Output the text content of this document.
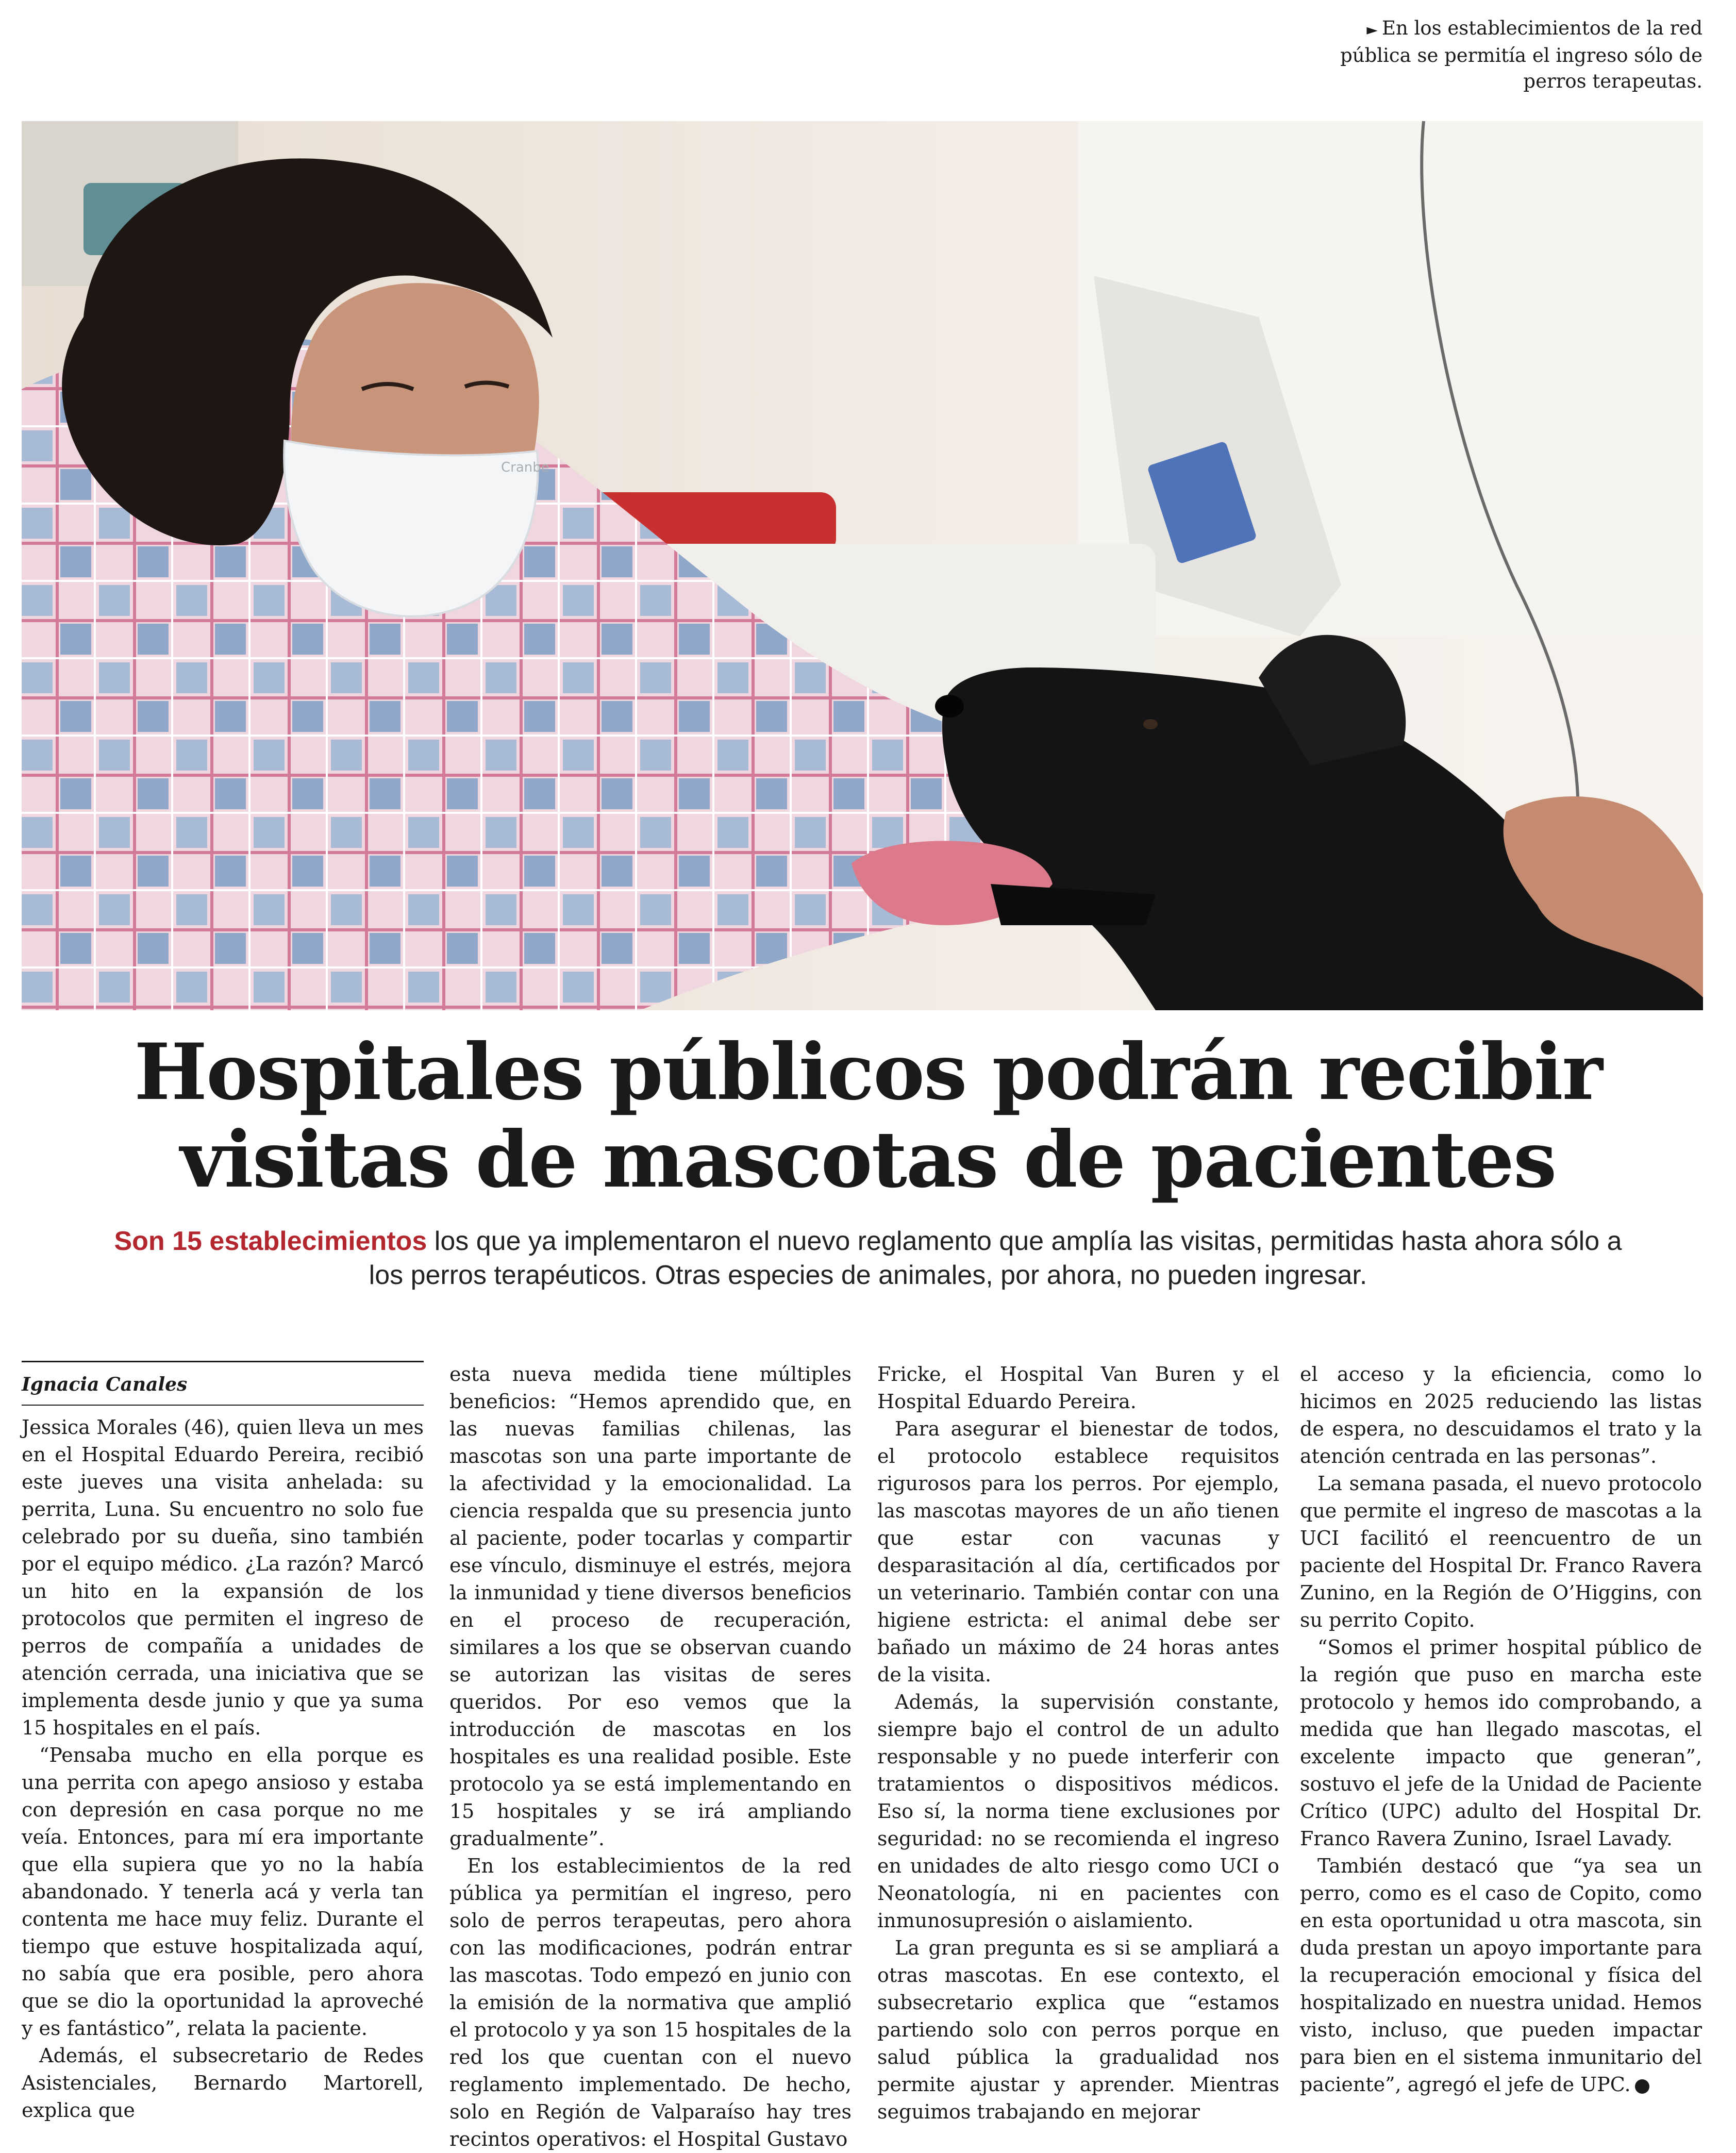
► En los establecimientos de la red pública se permitía el ingreso sólo de perros terapeutas.
Cranbe
Hospitales públicos podrán recibir
visitas de mascotas de pacientes
Son 15 establecimientos los que ya implementaron el nuevo reglamento que amplía las visitas, permitidas hasta ahora sólo a los perros terapéuticos. Otras especies de animales, por ahora, no pueden ingresar.
Ignacia Canales

Jessica Morales (46), quien lleva un mes en el Hospital Eduardo Pereira, recibió este jueves una visita anhelada: su perrita, Luna. Su encuentro no solo fue celebrado por su dueña, sino también por el equipo médico. ¿La razón? Marcó un hito en la expansión de los protocolos que permiten el ingreso de perros de compañía a unidades de atención cerrada, una iniciativa que se implementa desde junio y que ya suma 15 hospitales en el país.

“Pensaba mucho en ella porque es una perrita con apego ansioso y estaba con depresión en casa porque no me veía. Entonces, para mí era importante que ella supiera que yo no la había abandonado. Y tenerla acá y verla tan contenta me hace muy feliz. Durante el tiempo que estuve hospitalizada aquí, no sabía que era posible, pero ahora que se dio la oportunidad la aproveché y es fantástico”, relata la paciente.

Además, el subsecretario de Redes Asistenciales, Bernardo Martorell, explica que

esta nueva medida tiene múltiples beneficios: “Hemos aprendido que, en las nuevas familias chilenas, las mascotas son una parte importante de la afectividad y la emocionalidad. La ciencia respalda que su presencia junto al paciente, poder tocarlas y compartir ese vínculo, disminuye el estrés, mejora la inmunidad y tiene diversos beneficios en el proceso de recuperación, similares a los que se observan cuando se autorizan las visitas de seres queridos. Por eso vemos que la introducción de mascotas en los hospitales es una realidad posible. Este protocolo ya se está implementando en 15 hospitales y se irá ampliando gradualmente”.

En los establecimientos de la red pública ya permitían el ingreso, pero solo de perros terapeutas, pero ahora con las modificaciones, podrán entrar las mascotas. Todo empezó en junio con la emisión de la normativa que amplió el protocolo y ya son 15 hospitales de la red los que cuentan con el nuevo reglamento implementado. De hecho, solo en Región de Valparaíso hay tres recintos operativos: el Hospital Gustavo

Fricke, el Hospital Van Buren y el Hospital Eduardo Pereira.

Para asegurar el bienestar de todos, el protocolo establece requisitos rigurosos para los perros. Por ejemplo, las mascotas mayores de un año tienen que estar con vacunas y desparasitación al día, certificados por un veterinario. También contar con una higiene estricta: el animal debe ser bañado un máximo de 24 horas antes de la visita.

Además, la supervisión constante, siempre bajo el control de un adulto responsable y no puede interferir con tratamientos o dispositivos médicos. Eso sí, la norma tiene exclusiones por seguridad: no se recomienda el ingreso en unidades de alto riesgo como UCI o Neonatología, ni en pacientes con inmunosupresión o aislamiento.

La gran pregunta es si se ampliará a otras mascotas. En ese contexto, el subsecretario explica que “estamos partiendo solo con perros porque en salud pública la gradualidad nos permite ajustar y aprender. Mientras seguimos trabajando en mejorar

el acceso y la eficiencia, como lo hicimos en 2025 reduciendo las listas de espera, no descuidamos el trato y la atención centrada en las personas”.

La semana pasada, el nuevo protocolo que permite el ingreso de mascotas a la UCI facilitó el reencuentro de un paciente del Hospital Dr. Franco Ravera Zunino, en la Región de O’Higgins, con su perrito Copito.

“Somos el primer hospital público de la región que puso en marcha este protocolo y hemos ido comprobando, a medida que han llegado mascotas, el excelente impacto que generan”, sostuvo el jefe de la Unidad de Paciente Crítico (UPC) adulto del Hospital Dr. Franco Ravera Zunino, Israel Lavady.

También destacó que “ya sea un perro, como es el caso de Copito, como en esta oportunidad u otra mascota, sin duda prestan un apoyo importante para la recuperación emocional y física del hospitalizado en nuestra unidad. Hemos visto, incluso, que pueden impactar para bien en el sistema inmunitario del paciente”, agregó el jefe de UPC.
